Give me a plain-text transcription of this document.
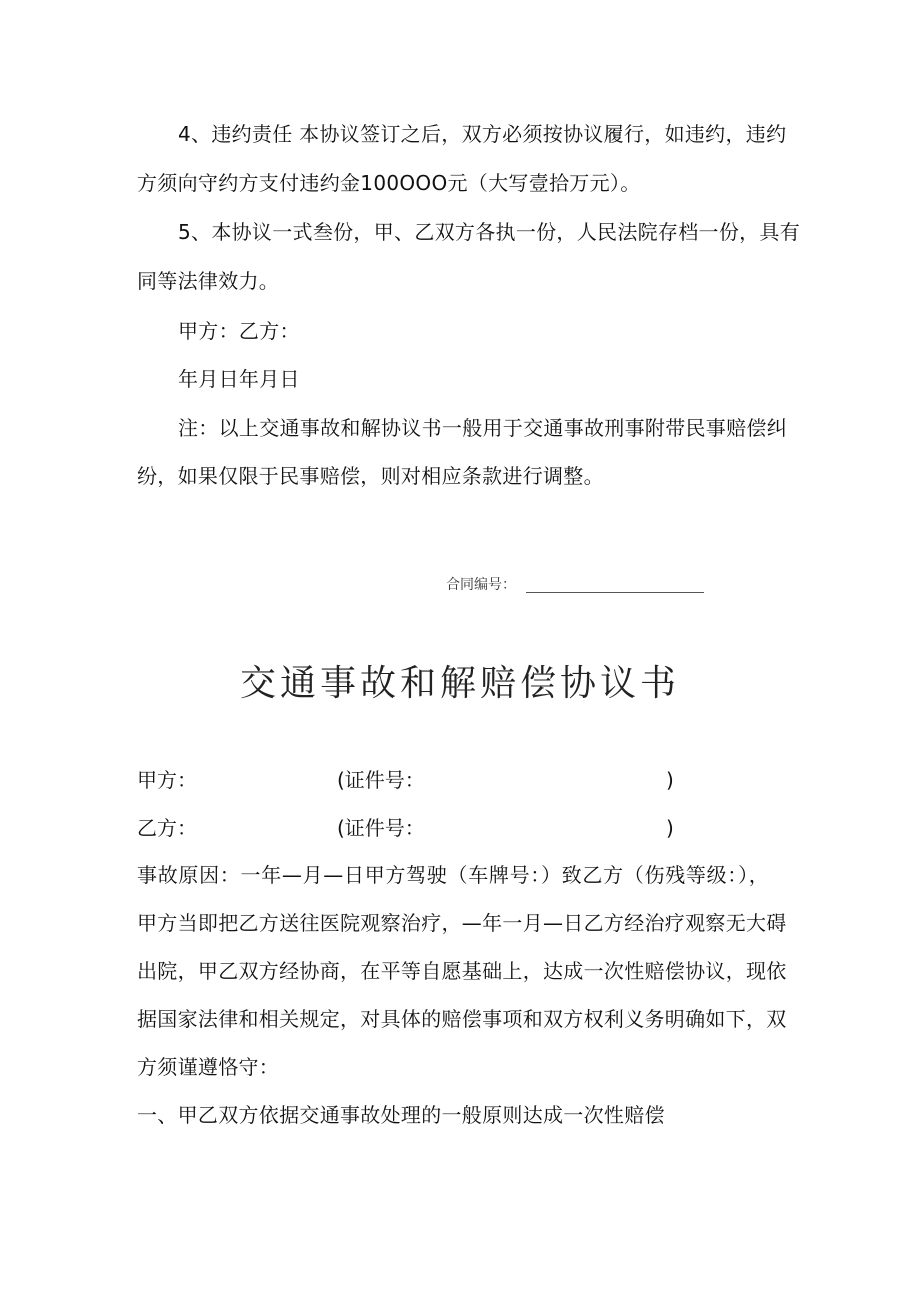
4、违约责任 本协议签订之后，双方必须按协议履行，如违约，违约
方须向守约方支付违约金100OOO元（大写壹拾万元）。
5、本协议一式叁份，甲、乙双方各执一份，人民法院存档一份，具有
同等法律效力。
甲方：乙方：
年月日年月日
注：以上交通事故和解协议书一般用于交通事故刑事附带民事赔偿纠
纷，如果仅限于民事赔偿，则对相应条款进行调整。
合同编号：
交通事故和解赔偿协议书
甲方：	(证件号：	)
乙方：	(证件号：	)
事故原因：一年—月—日甲方驾驶（车牌号：）致乙方（伤残等级：），
甲方当即把乙方送往医院观察治疗，—年一月—日乙方经治疗观察无大碍
出院，甲乙双方经协商，在平等自愿基础上，达成一次性赔偿协议，现依
据国家法律和相关规定，对具体的赔偿事项和双方权利义务明确如下，双
方须谨遵恪守：
一、甲乙双方依据交通事故处理的一般原则达成一次性赔偿
